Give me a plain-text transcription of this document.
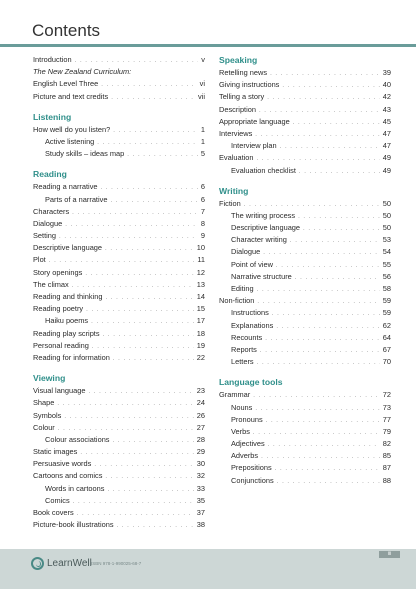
Contents
Introduction . . .	v
The New Zealand Curriculum:
English Level Three . . .	vi
Picture and text credits . . .	vii
Listening
How well do you listen? . . .	1
Active listening . . .	1
Study skills – ideas map . . .	5
Reading
Reading a narrative . . .	6
Parts of a narrative . . .	6
Characters . . .	7
Dialogue . . .	8
Setting . . .	9
Descriptive language . . .	10
Plot . . .	11
Story openings . . .	12
The climax . . .	13
Reading and thinking . . .	14
Reading poetry . . .	15
Haiku poems . . .	17
Reading play scripts . . .	18
Personal reading . . .	19
Reading for information . . .	22
Viewing
Visual language . . .	23
Shape . . .	24
Symbols . . .	26
Colour . . .	27
Colour associations . . .	28
Static images . . .	29
Persuasive words . . .	30
Cartoons and comics . . .	32
Words in cartoons . . .	33
Comics . . .	35
Book covers . . .	37
Picture-book illustrations . . .	38
Speaking
Retelling news . . .	39
Giving instructions . . .	40
Telling a story . . .	42
Description . . .	43
Appropriate language . . .	45
Interviews . . .	47
Interview plan . . .	47
Evaluation . . .	49
Evaluation checklist . . .	49
Writing
Fiction . . .	50
The writing process . . .	50
Descriptive language . . .	50
Character writing . . .	53
Dialogue . . .	54
Point of view . . .	55
Narrative structure . . .	56
Editing . . .	58
Non-fiction . . .	59
Instructions . . .	59
Explanations . . .	62
Recounts . . .	64
Reports . . .	67
Letters . . .	70
Language tools
Grammar . . .	72
Nouns . . .	73
Pronouns . . .	77
Verbs . . .	79
Adjectives . . .	82
Adverbs . . .	85
Prepositions . . .	87
Conjunctions . . .	88
LearnWell ISBN 978-1-990025-68-7
iii
